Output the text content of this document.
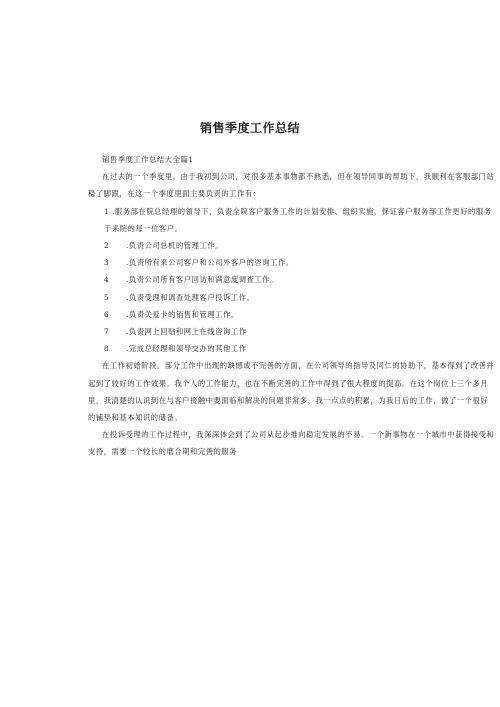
销售季度工作总结

销售季度工作总结大全篇1

在过去的一个季度里，由于我初到公司，对很多基本事物都不熟悉，但在领导同事的帮助下，我顺利在客服部门站稳了脚跟，在这一个季度里面主要负责的工作有：

1 .服务部在院总经理的领导下，负责全院客户服务工作的计划安排、组织实施，保证客户服务部工作更好的服务于来院的每一位客户。

2 .负责公司总机的管理工作。

3 .负责所有来公司客户和公司外客户的咨询工作。

4 .负责公司所有客户回访和满意度调查工作。

5 .负责受理和调查处理客户投诉工作。

6 .负责关爱卡的销售和管理工作。

7 .负责网上回贴和网上在线咨询工作

8 .完成总经理和领导交办的其他工作

在工作初始阶段，部分工作中出现的缺憾或不完善的方面，在公司领导的指导及同仁的协助下，基本得到了改善并起到了较好的工作效果。我个人的工作能力，也在不断完善的工作中得到了很大程度的提高。在这个岗位上三个多月里，我清楚的认识到在与客户接触中要面临和解决的问题非常多，我一点点的积累，为我日后的工作，做了一个很好的铺垫和基本知识的储备。

在投诉受理的工作过程中，我深深体会到了公司从起步推向稳定发展的不易。一个新事物在一个城市中获得接受和支持，需要一个较长的磨合期和完善的服务
